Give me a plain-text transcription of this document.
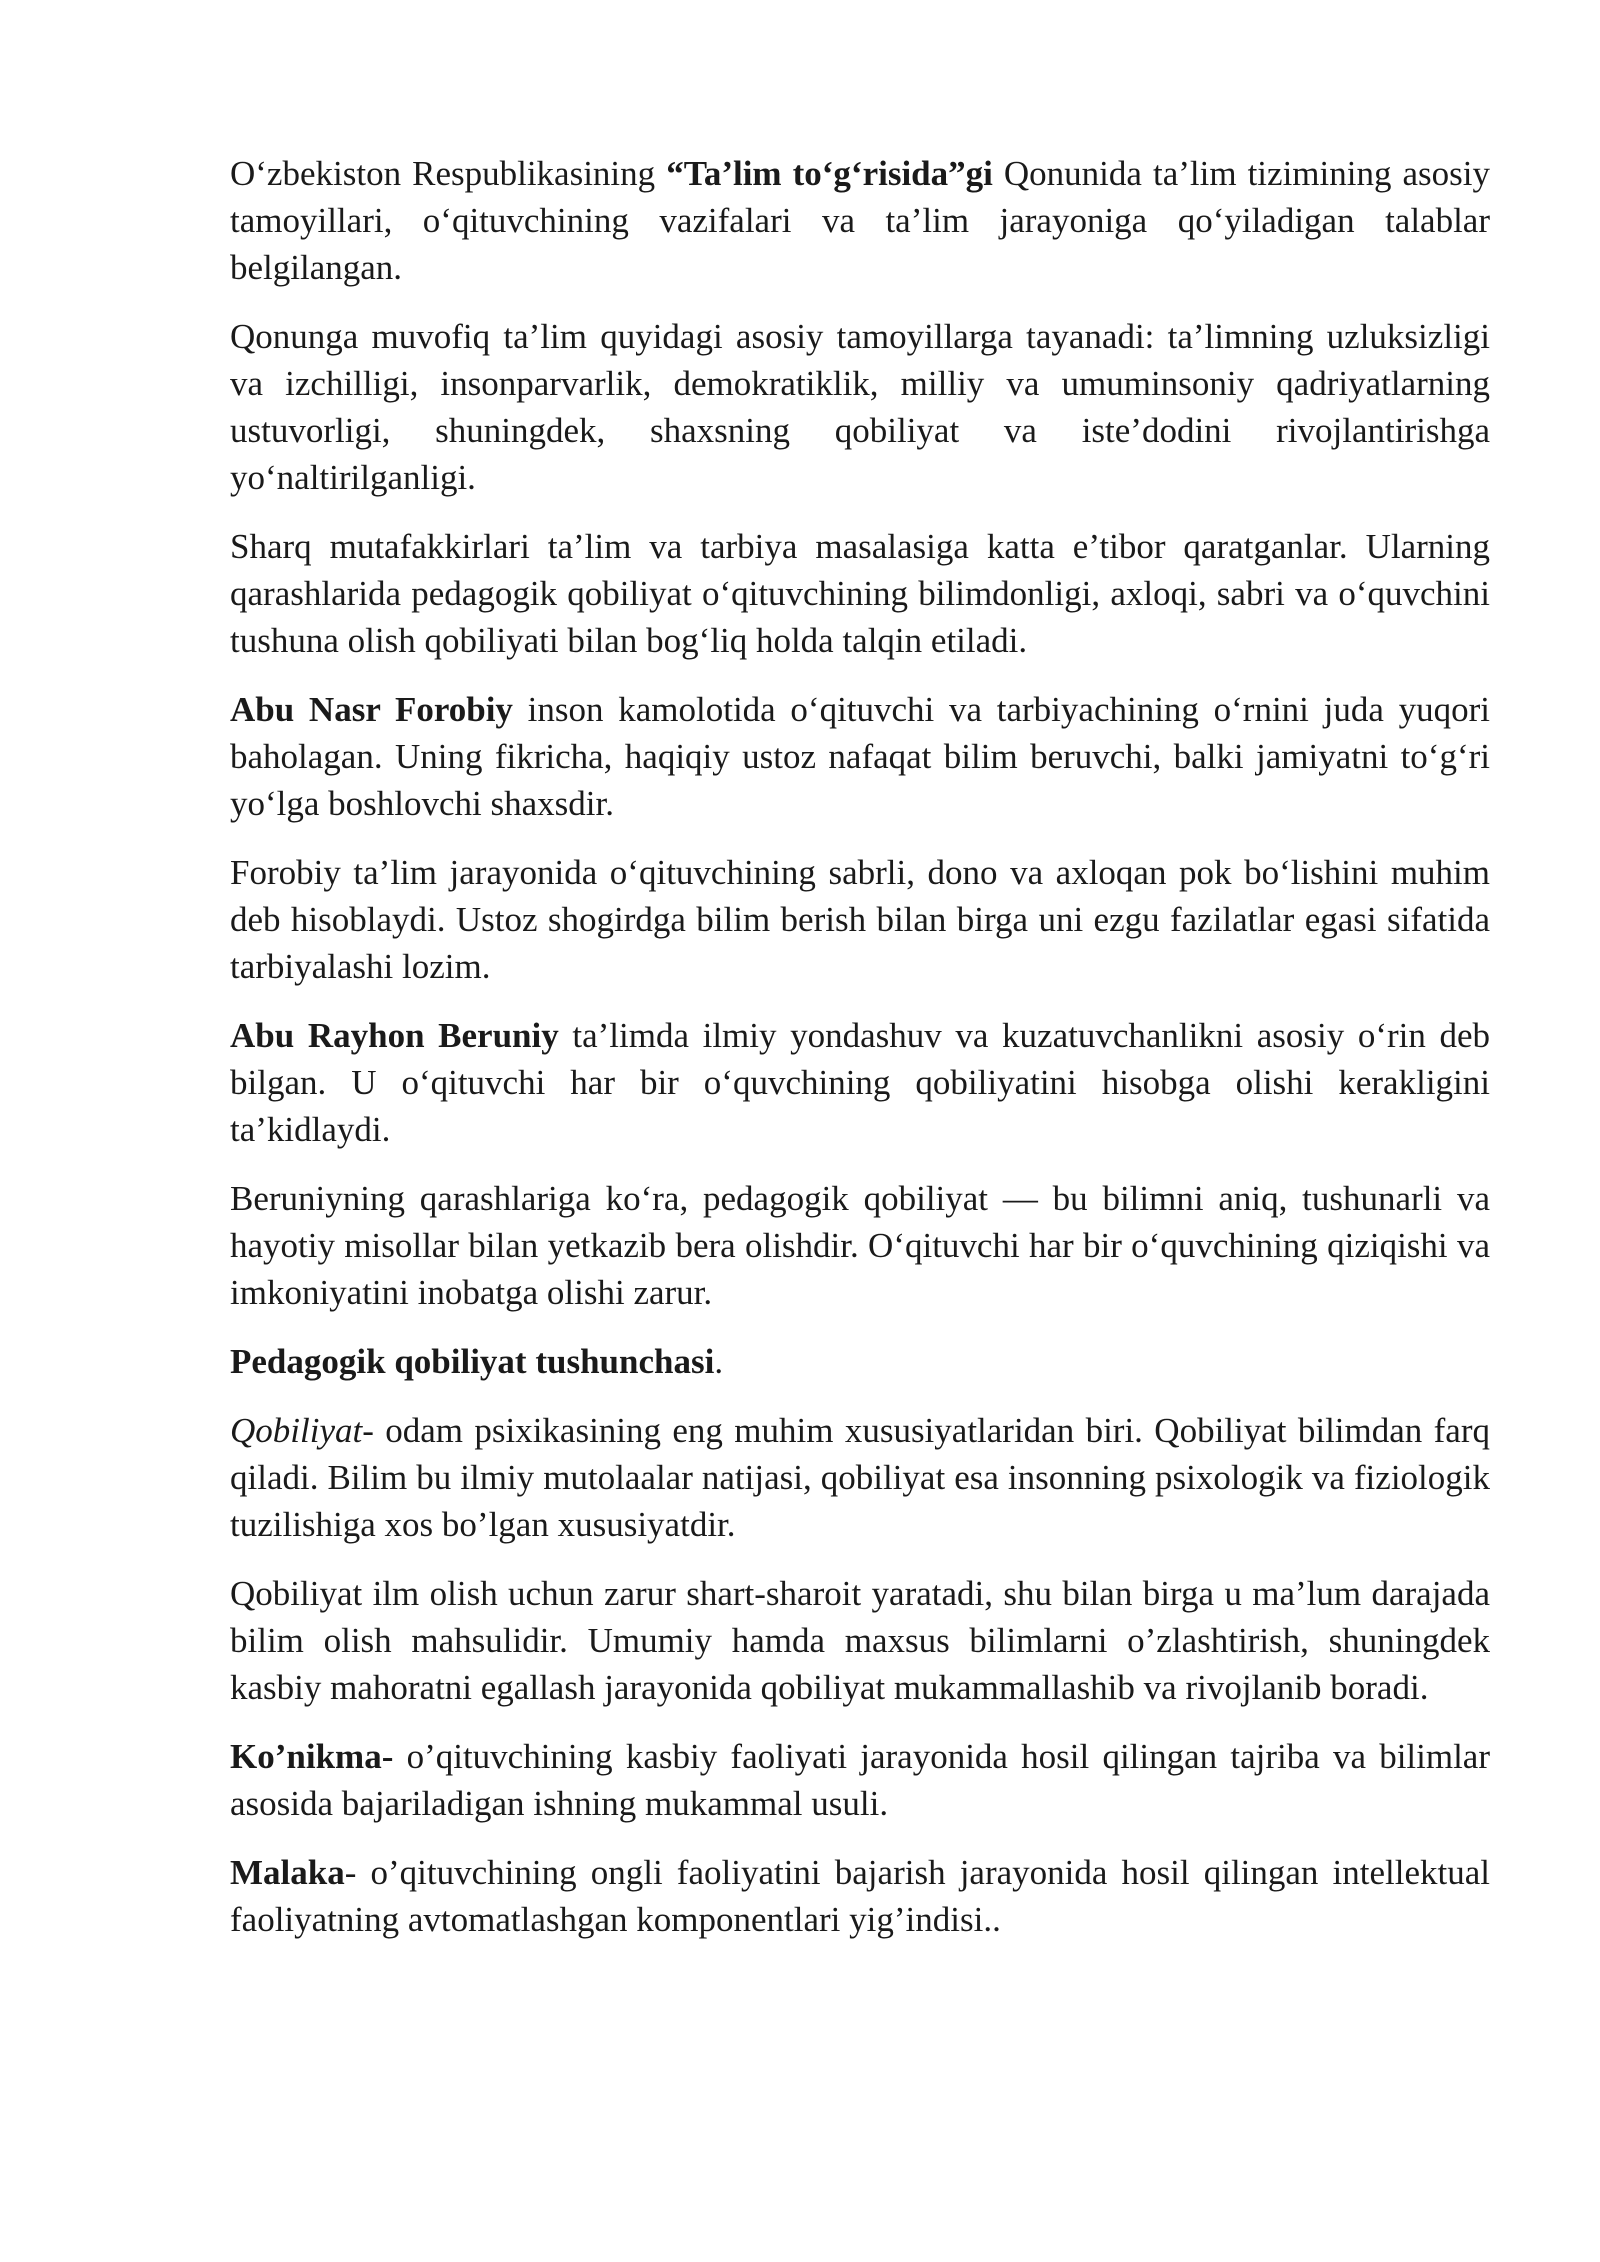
O‘zbekiston Respublikasining “Ta’lim to‘g‘risida”gi Qonunida ta’lim tizimining asosiy tamoyillari, o‘qituvchining vazifalari va ta’lim jarayoniga qo‘yiladigan talablar belgilangan.

Qonunga muvofiq ta’lim quyidagi asosiy tamoyillarga tayanadi: ta’limning uzluksizligi va izchilligi, insonparvarlik, demokratiklik, milliy va umuminsoniy qadriyatlarning ustuvorligi, shuningdek, shaxsning qobiliyat va iste’dodini rivojlantirishga yo‘naltirilganligi.

Sharq mutafakkirlari ta’lim va tarbiya masalasiga katta e’tibor qaratganlar. Ularning qarashlarida pedagogik qobiliyat o‘qituvchining bilimdonligi, axloqi, sabri va o‘quvchini tushuna olish qobiliyati bilan bog‘liq holda talqin etiladi.

Abu Nasr Forobiy inson kamolotida o‘qituvchi va tarbiyachining o‘rnini juda yuqori baholagan. Uning fikricha, haqiqiy ustoz nafaqat bilim beruvchi, balki jamiyatni to‘g‘ri yo‘lga boshlovchi shaxsdir.

Forobiy ta’lim jarayonida o‘qituvchining sabrli, dono va axloqan pok bo‘lishini muhim deb hisoblaydi. Ustoz shogirdga bilim berish bilan birga uni ezgu fazilatlar egasi sifatida tarbiyalashi lozim.

Abu Rayhon Beruniy ta’limda ilmiy yondashuv va kuzatuvchanlikni asosiy o‘rin deb bilgan. U o‘qituvchi har bir o‘quvchining qobiliyatini hisobga olishi kerakligini ta’kidlaydi.

Beruniyning qarashlariga ko‘ra, pedagogik qobiliyat — bu bilimni aniq, tushunarli va hayotiy misollar bilan yetkazib bera olishdir. O‘qituvchi har bir o‘quvchining qiziqishi va imkoniyatini inobatga olishi zarur.

Pedagogik qobiliyat tushunchasi.

Qobiliyat- odam psixikasining eng muhim xususiyatlaridan biri. Qobiliyat bilimdan farq qiladi. Bilim bu ilmiy mutolaalar natijasi, qobiliyat esa insonning psixologik va fiziologik tuzilishiga xos bo’lgan xususiyatdir.

Qobiliyat ilm olish uchun zarur shart-sharoit yaratadi, shu bilan birga u ma’lum darajada bilim olish mahsulidir. Umumiy hamda maxsus bilimlarni o’zlashtirish, shuningdek kasbiy mahoratni egallash jarayonida qobiliyat mukammallashib va rivojlanib boradi.

Ko’nikma- o’qituvchining kasbiy faoliyati jarayonida hosil qilingan tajriba va bilimlar asosida bajariladigan ishning mukammal usuli.

Malaka- o’qituvchining ongli faoliyatini bajarish jarayonida hosil qilingan intellektual faoliyatning avtomatlashgan komponentlari yig’indisi..
